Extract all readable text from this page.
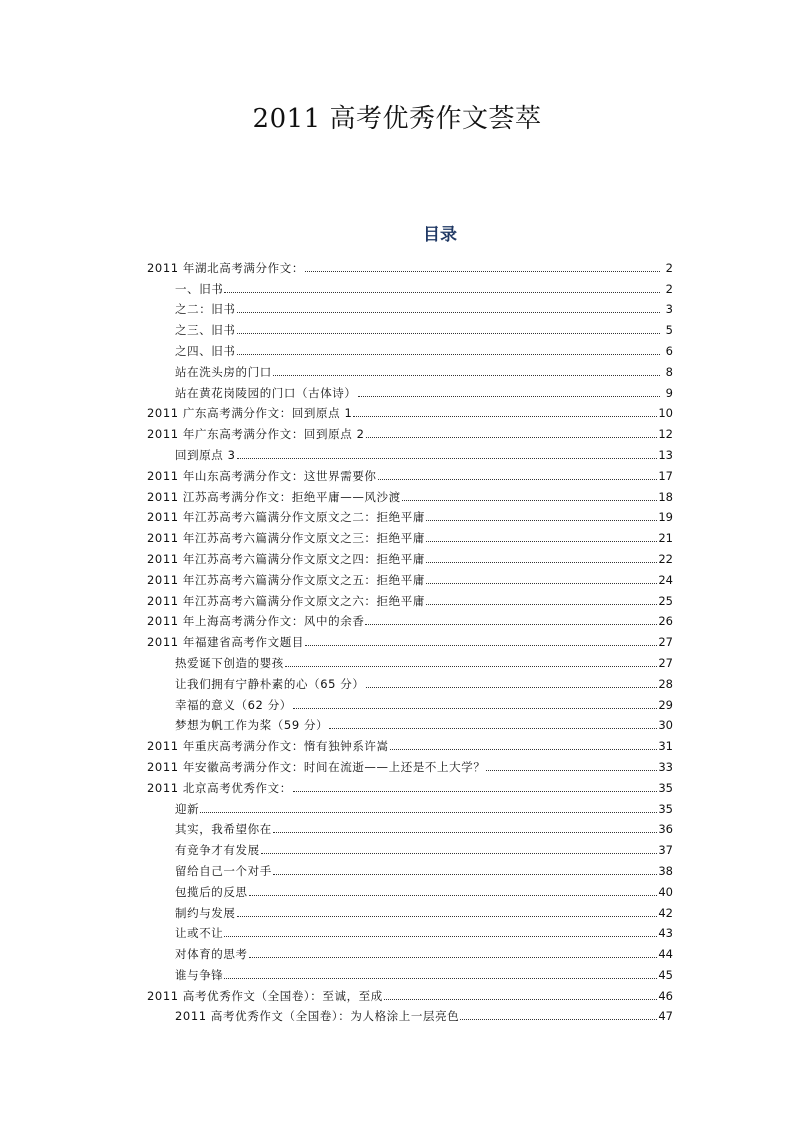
2011 高考优秀作文荟萃
目录
2011 年湖北高考满分作文：	2
一、旧书	2
之二：旧书	3
之三、旧书	5
之四、旧书	6
站在洗头房的门口	8
站在黄花岗陵园的门口（古体诗）	9
2011 广东高考满分作文：回到原点 1	10
2011 年广东高考满分作文：回到原点 2	12
回到原点 3	13
2011 年山东高考满分作文：这世界需要你	17
2011 江苏高考满分作文：拒绝平庸——风沙渡	18
2011 年江苏高考六篇满分作文原文之二：拒绝平庸	19
2011 年江苏高考六篇满分作文原文之三：拒绝平庸	21
2011 年江苏高考六篇满分作文原文之四：拒绝平庸	22
2011 年江苏高考六篇满分作文原文之五：拒绝平庸	24
2011 年江苏高考六篇满分作文原文之六：拒绝平庸	25
2011 年上海高考满分作文：风中的余香	26
2011 年福建省高考作文题目	27
热爱诞下创造的婴孩	27
让我们拥有宁静朴素的心（65 分）	28
幸福的意义（62 分）	29
梦想为帆工作为桨（59 分）	30
2011 年重庆高考满分作文：惰有独钟系许嵩	31
2011 年安徽高考满分作文：时间在流逝——上还是不上大学？	33
2011 北京高考优秀作文：	35
迎新	35
其实，我希望你在	36
有竞争才有发展	37
留给自己一个对手	38
包揽后的反思	40
制约与发展	42
让或不让	43
对体育的思考	44
谁与争锋	45
2011 高考优秀作文（全国卷）：至诚，至成	46
2011 高考优秀作文（全国卷）：为人格涂上一层亮色	47
